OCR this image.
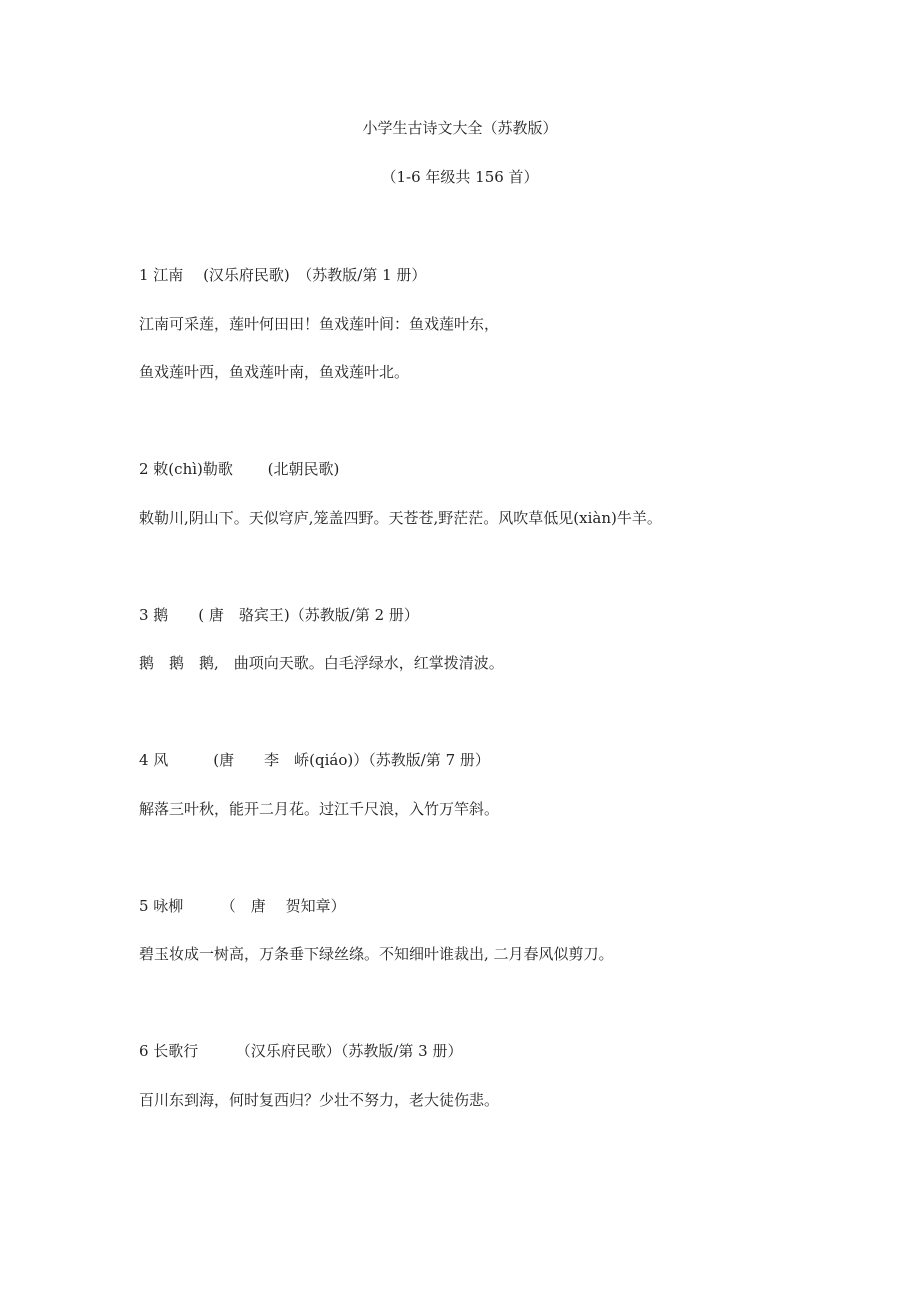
小学生古诗文大全（苏教版）
（1-6 年级共 156 首）
1 江南　 (汉乐府民歌)　（苏教版/第 1 册）
江南可采莲，莲叶何田田！鱼戏莲叶间：鱼戏莲叶东，
鱼戏莲叶西，鱼戏莲叶南，鱼戏莲叶北。
2 敕(chì)勒歌　　 (北朝民歌)
敕勒川,阴山下。天似穹庐,笼盖四野。天苍苍,野茫茫。风吹草低见(xiàn)牛羊。
3 鹅　　( 唐　骆宾王)（苏教版/第 2 册）
鹅　鹅　鹅,　曲项向天歌。白毛浮绿水，红掌拨清波。
4 风　　　(唐　　李　峤(qiáo)）（苏教版/第 7 册）
解落三叶秋，能开二月花。过江千尺浪，入竹万竿斜。
5 咏柳　　　（　唐　 贺知章）
碧玉妆成一树高，万条垂下绿丝绦。不知细叶谁裁出, 二月春风似剪刀。
6 长歌行　　　（汉乐府民歌）（苏教版/第 3 册）
百川东到海，何时复西归？少壮不努力，老大徒伤悲。
